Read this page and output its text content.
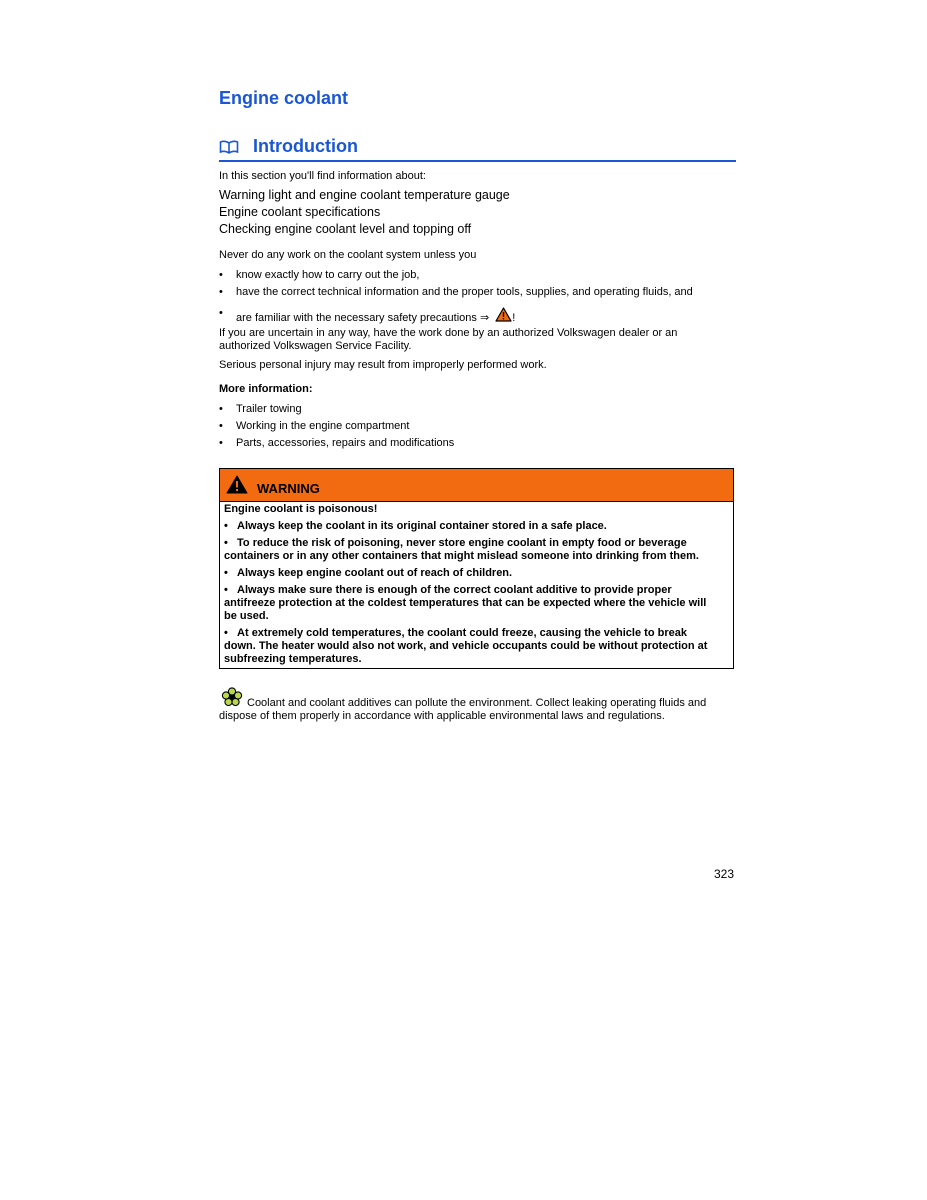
Engine coolant
Introduction
In this section you'll find information about:
Warning light and engine coolant temperature gauge
Engine coolant specifications
Checking engine coolant level and topping off
Never do any work on the coolant system unless you
• know exactly how to carry out the job,
• have the correct technical information and the proper tools, supplies, and operating fluids, and
• are familiar with the necessary safety precautions ⇒ !
If you are uncertain in any way, have the work done by an authorized Volkswagen dealer or an
authorized Volkswagen Service Facility.
Serious personal injury may result from improperly performed work.
More information:
• Trailer towing
• Working in the engine compartment
• Parts, accessories, repairs and modifications
WARNING
Engine coolant is poisonous!
• Always keep the coolant in its original container stored in a safe place.
• To reduce the risk of poisoning, never store engine coolant in empty food or beverage
containers or in any other containers that might mislead someone into drinking from them.
• Always keep engine coolant out of reach of children.
• Always make sure there is enough of the correct coolant additive to provide proper
antifreeze protection at the coldest temperatures that can be expected where the vehicle will
be used.
• At extremely cold temperatures, the coolant could freeze, causing the vehicle to break
down. The heater would also not work, and vehicle occupants could be without protection at
subfreezing temperatures.
Coolant and coolant additives can pollute the environment. Collect leaking operating fluids and
dispose of them properly in accordance with applicable environmental laws and regulations.
323
